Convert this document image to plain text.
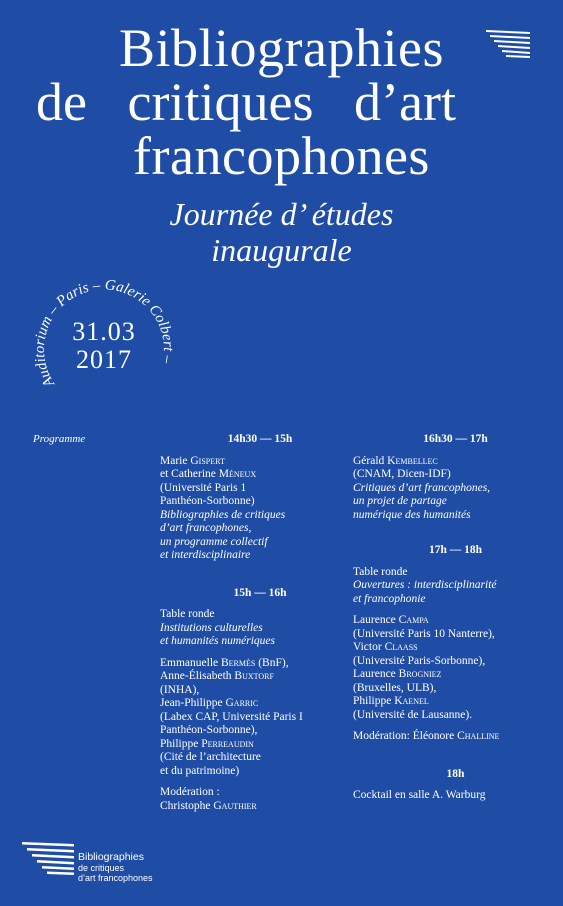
Bibliographies
de critiques d’art
francophones
Journée d’ études
inaugurale
Auditorium – Paris – Galerie Colbert –
31.03
2017
Programme	14h30 — 15h
Marie Gispert
et Catherine Méneux
(Université Paris 1
Panthéon-Sorbonne)
Bibliographies de critiques
d’art francophones,
un programme collectif
et interdisciplinaire
15h — 16h
Table ronde
Institutions culturelles
et humanités numériques
Emmanuelle Bermès (BnF),
Anne-Élisabeth Buxtorf
(INHA),
Jean-Philippe Garric
(Labex CAP, Université Paris I
Panthéon-Sorbonne),
Philippe Perreaudin
(Cité de l’architecture
et du patrimoine)
Modération :
Christophe Gauthier
16h30 — 17h
Gérald Kembellec
(CNAM, Dicen-IDF)
Critiques d’art francophones,
un projet de partage
numérique des humanités
17h — 18h
Table ronde
Ouvertures : interdisciplinarité
et francophonie
Laurence Campa
(Université Paris 10 Nanterre),
Victor Claass
(Université Paris-Sorbonne),
Laurence Brogniez
(Bruxelles, ULB),
Philippe Kaenel
(Université de Lausanne).
Modération: Éléonore Challine
18h
Cocktail en salle A. Warburg
Bibliographies
de critiques
d’art francophones
